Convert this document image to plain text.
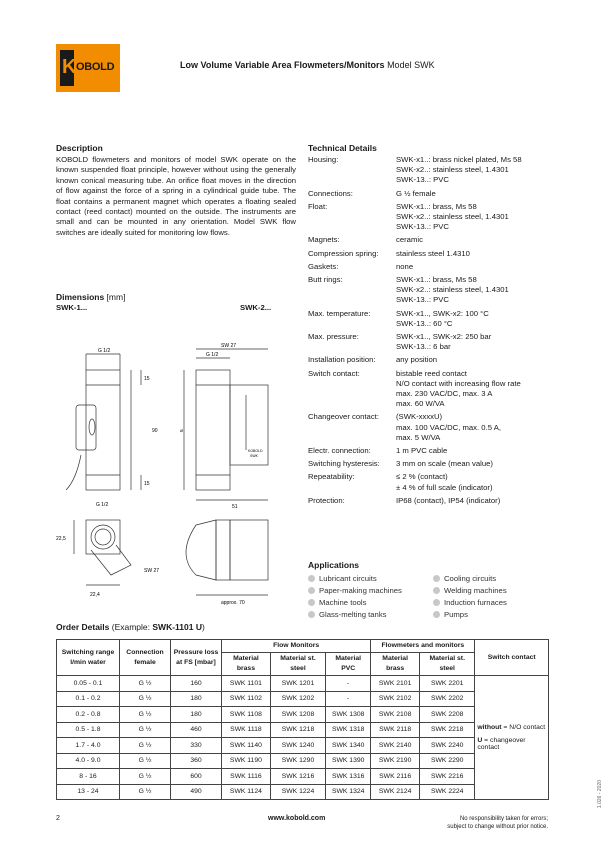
K
OBOLD	Low Volume Variable Area Flowmeters/Monitors Model SWK
Description
KOBOLD flowmeters and monitors of model SWK operate on the known suspended float principle, however without using the generally known conical measuring tube. An orifice float moves in the direction of flow against the force of a spring in a cylindrical guide tube. The float contains a permanent magnet which operates a floating sealed contact (reed contact) mounted on the outside. The instruments are small and can be mounted in any orientation. Model SWK flow switches are ideally suited for monitoring low flows.
Technical Details
Housing:	SWK-x1..: brass nickel plated, Ms 58
SWK-x2..: stainless steel, 1.4301
SWK-13..: PVC
Connections:	G ½ female
Float:	SWK-x1..: brass, Ms 58
SWK-x2..: stainless steel, 1.4301
SWK-13..: PVC
Magnets:	ceramic
Compression spring:	stainless steel 1.4310
Gaskets:	none
Butt rings:	SWK-x1..: brass, Ms 58
SWK-x2..: stainless steel, 1.4301
SWK-13..: PVC
Max. temperature:	SWK-x1.., SWK-x2: 100 °C
SWK-13..: 60 °C
Max. pressure:	SWK-x1.., SWK-x2: 250 bar
SWK-13..: 6 bar
Installation position:	any position
Switch contact:	bistable reed contact
N/O contact with increasing flow rate
max. 230 VAC/DC, max. 3 A
max. 60 W/VA
Changeover contact:	(SWK-xxxxU)
max. 100 VAC/DC, max. 0.5 A,
max. 5 W/VA
Electr. connection:	1 m PVC cable
Switching hysteresis:	3 mm on scale (mean value)
Repeatability:	≤ 2 % (contact)
± 4 % of full scale (indicator)
Protection:	IP68 (contact), IP54 (indicator)
Dimensions [mm]
SWK-1...	SWK-2...
G 1/2
15
90
15
G 1/2
22,5
22,4
SW 27
SW 27
G 1/2
⌀
KOBOLD
SWK
51
approx. 70
Applications
Lubricant circuits	Cooling circuits
Paper-making machines	Welding machines
Machine tools	Induction furnaces
Glass-melting tanks	Pumps
Order Details (Example: SWK-1101 U)
Switching range l/min water	Connection female	Pressure loss at FS [mbar]	Flow Monitors			Flowmeters and monitors		Switch contact
			Material brass	Material st. steel	Material PVC	Material brass	Material st. steel	
0.05 - 0.1	G ½	160	SWK 1101	SWK 1201	-	SWK 2101	SWK 2201	without = N/O contact
U = changeover contact

0.1 - 0.2	G ½	180	SWK 1102	SWK 1202	-	SWK 2102	SWK 2202	
0.2 - 0.8	G ½	180	SWK 1108	SWK 1208	SWK 1308	SWK 2108	SWK 2208	
0.5 - 1.8	G ½	460	SWK 1118	SWK 1218	SWK 1318	SWK 2118	SWK 2218	
1.7 - 4.0	G ½	330	SWK 1140	SWK 1240	SWK 1340	SWK 2140	SWK 2240	
4.0 - 9.0	G ½	360	SWK 1190	SWK 1290	SWK 1390	SWK 2190	SWK 2290	
8 - 16	G ½	600	SWK 1116	SWK 1216	SWK 1316	SWK 2116	SWK 2216	
13 - 24	G ½	490	SWK 1124	SWK 1224	SWK 1324	SWK 2124	SWK 2224	
2	www.kobold.com	No responsibility taken for errors;
subject to change without prior notice.
1.026 - 2020
